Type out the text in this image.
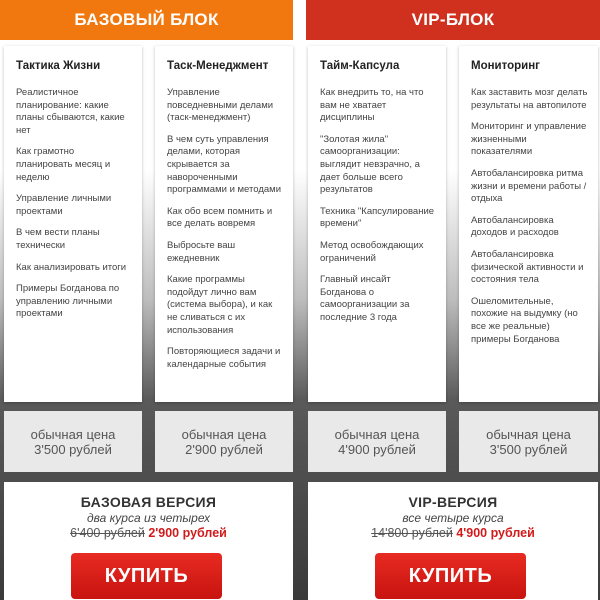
БАЗОВЫЙ БЛОК	VIP-БЛОК
Тактика Жизни
Реалистичное планирование: какие планы сбываются, какие нет
Как грамотно планировать месяц и неделю
Управление личными проектами
В чем вести планы технически
Как анализировать итоги
Примеры Богданова по управлению личными проектами
Таск-Менеджмент
Управление повседневными делами (таск-менеджмент)
В чем суть управления делами, которая скрывается за навороченными программами и методами
Как обо всем помнить и все делать вовремя
Выбросьте ваш ежедневник
Какие программы подойдут лично вам (система выбора), и как не сливаться с их использования
Повторяющиеся задачи и календарные события
Тайм-Капсула
Как внедрить то, на что вам не хватает дисциплины
"Золотая жила" самоорганизации: выглядит невзрачно, а дает больше всего результатов
Техника "Капсулирование времени"
Метод освобождающих ограничений
Главный инсайт Богданова о самоорганизации за последние 3 года
Мониторинг
Как заставить мозг делать результаты на автопилоте
Мониторинг и управление жизненными показателями
Автобалансировка ритма жизни и времени работы / отдыха
Автобалансировка доходов и расходов
Автобалансировка физической активности и состояния тела
Ошеломительные, похожие на выдумку (но все же реальные) примеры Богданова
обычная цена
3'500 рублей
обычная цена
2'900 рублей
обычная цена
4'900 рублей
обычная цена
3'500 рублей
БАЗОВАЯ ВЕРСИЯ
два курса из четырех
6'400 рублей 2'900 рублей
КУПИТЬ
VIP-ВЕРСИЯ
все четыре курса
14'800 рублей 4'900 рублей
КУПИТЬ
